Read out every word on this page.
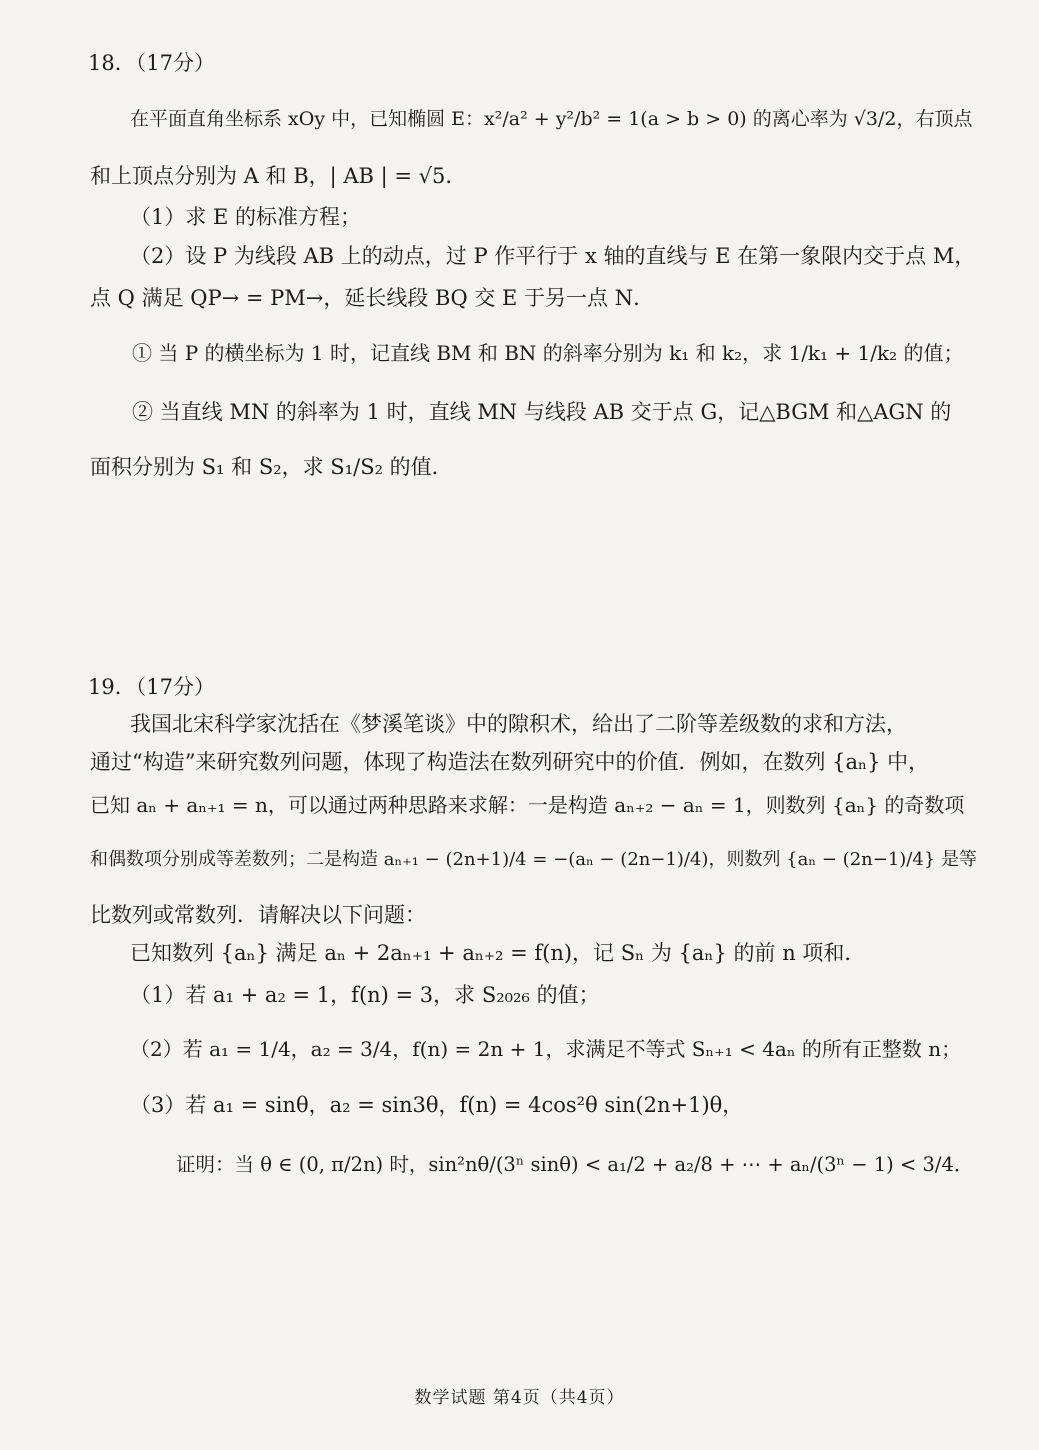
18．（17分）
在平面直角坐标系 xOy 中，已知椭圆 E：x²/a² + y²/b² = 1(a > b > 0) 的离心率为 √3/2，右顶点
和上顶点分别为 A 和 B，| AB | = √5．
（1）求 E 的标准方程；
（2）设 P 为线段 AB 上的动点，过 P 作平行于 x 轴的直线与 E 在第一象限内交于点 M，
点 Q 满足 QP→ = PM→，延长线段 BQ 交 E 于另一点 N．
① 当 P 的横坐标为 1 时，记直线 BM 和 BN 的斜率分别为 k₁ 和 k₂，求 1/k₁ + 1/k₂ 的值；
② 当直线 MN 的斜率为 1 时，直线 MN 与线段 AB 交于点 G，记△BGM 和△AGN 的
面积分别为 S₁ 和 S₂，求 S₁/S₂ 的值．
19．（17分）
我国北宋科学家沈括在《梦溪笔谈》中的隙积术，给出了二阶等差级数的求和方法，
通过“构造”来研究数列问题，体现了构造法在数列研究中的价值．例如，在数列 {aₙ} 中，
已知 aₙ + aₙ₊₁ = n，可以通过两种思路来求解：一是构造 aₙ₊₂ − aₙ = 1，则数列 {aₙ} 的奇数项
和偶数项分别成等差数列；二是构造 aₙ₊₁ − (2n+1)/4 = −(aₙ − (2n−1)/4)，则数列 {aₙ − (2n−1)/4} 是等
比数列或常数列．请解决以下问题：
已知数列 {aₙ} 满足 aₙ + 2aₙ₊₁ + aₙ₊₂ = f(n)，记 Sₙ 为 {aₙ} 的前 n 项和．
（1）若 a₁ + a₂ = 1，f(n) = 3，求 S₂₀₂₆ 的值；
（2）若 a₁ = 1/4，a₂ = 3/4，f(n) = 2n + 1，求满足不等式 Sₙ₊₁ < 4aₙ 的所有正整数 n；
（3）若 a₁ = sinθ，a₂ = sin3θ，f(n) = 4cos²θ sin(2n+1)θ，
证明：当 θ ∈ (0, π/2n) 时，sin²nθ/(3ⁿ sinθ) < a₁/2 + a₂/8 + ⋯ + aₙ/(3ⁿ − 1) < 3/4．
数学试题 第4页（共4页）
